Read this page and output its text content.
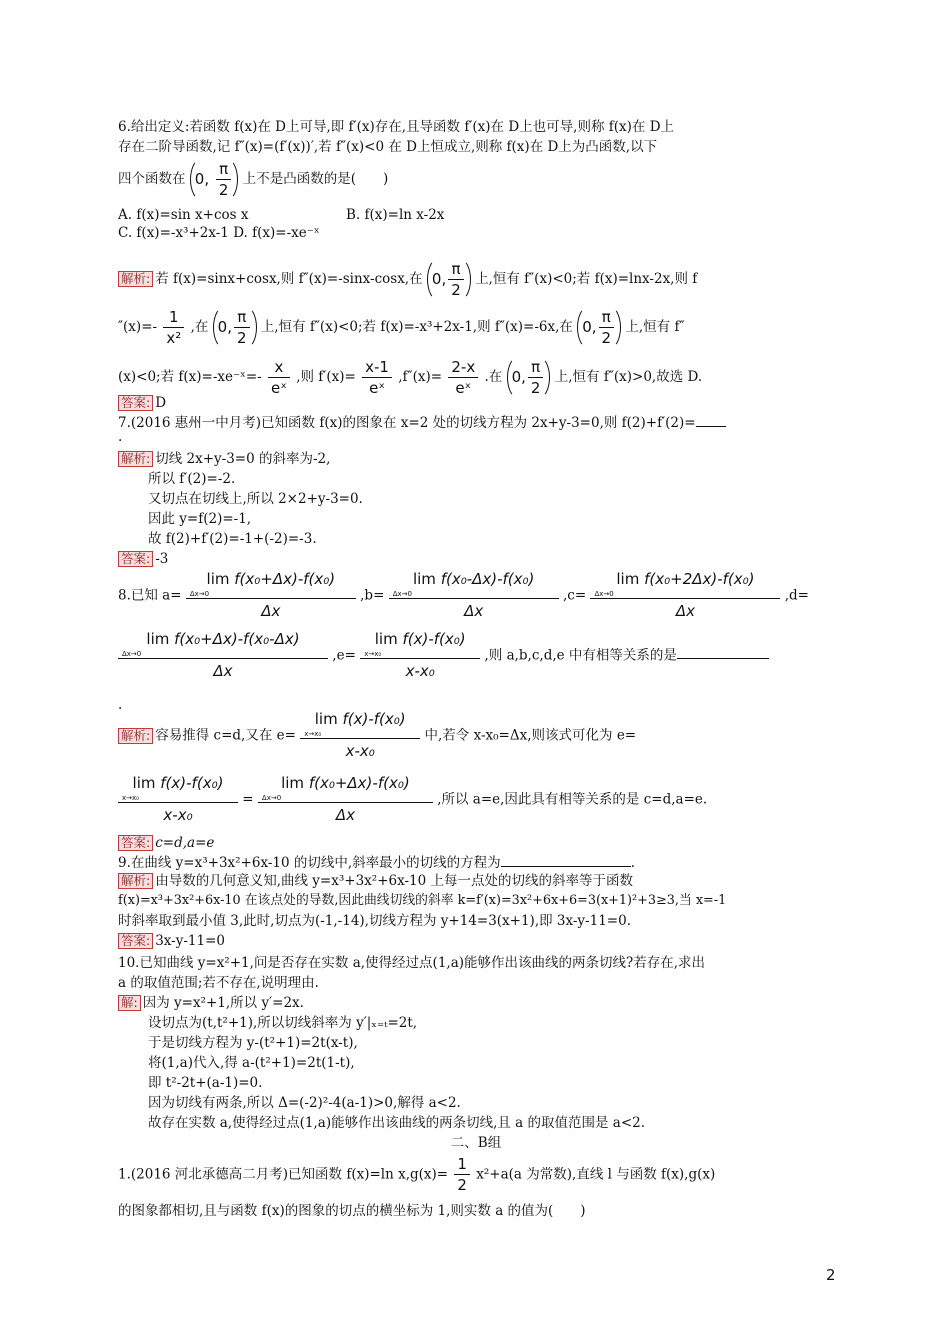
6.给出定义:若函数 f(x)在 D上可导,即 f′(x)存在,且导函数 f′(x)在 D上也可导,则称 f(x)在 D上
存在二阶导函数,记 f″(x)=(f′(x))′,若 f″(x)<0 在 D上恒成立,则称 f(x)在 D上为凸函数,以下
四个函数在 0, $\frac{\pi}{2}$ 上不是凸函数的是(　　)
A. f(x)=sin x+cos x	B. f(x)=ln x-2x
C. f(x)=-x³+2x-1 D. f(x)=-xe⁻ˣ
解析: 若 f(x)=sinx+cosx,则 f″(x)=-sinx-cosx,在 0, $\frac{\pi}{2}$ 上,恒有 f″(x)<0;若 f(x)=lnx-2x,则 f
$''(x)=- \frac{1}{\text{x²}}$ ,在 0, $\frac{\pi}{2}$ 上,恒有 f″(x)<0;若 f(x)=-x³+2x-1,则 f″(x)=-6x,在 0, $\frac{\pi}{2}$ 上,恒有 f″
(x)<0;若 f(x)=-xe⁻ˣ=- $\frac{x}{\text{eˣ}}$ ,则 $f'(x)= \frac{x-1}{\text{eˣ}} ,f''(x)= \frac{2-x}{\text{eˣ}}$ .在 0, $\frac{\pi}{2}$ 上,恒有 f″(x)>0,故选 D.
答案: D
7.(2016 惠州一中月考)已知函数 f(x)的图象在 x=2 处的切线方程为 2x+y-3=0,则 f(2)+f′(2)=
.
解析: 切线 2x+y-3=0 的斜率为-2,
所以 f′(2)=-2.
又切点在切线上,所以 2×2+y-3=0.
因此 y=f(2)=-1,
故 f(2)+f′(2)=-1+(-2)=-3.
答案: -3
8.已知 a=
lim f(x₀+Δx)-f(x₀)
Δx→0
Δx
,b=
lim f(x₀-Δx)-f(x₀)
Δx→0
Δx
,c=
lim f(x₀+2Δx)-f(x₀)
Δx→0
Δx
,d=
lim f(x₀+Δx)-f(x₀-Δx)
Δx→0
Δx
,e=
lim f(x)-f(x₀)
x→x₀
x-x₀
,则 a,b,c,d,e 中有相等关系的是
.
解析: 容易推得 c=d,又在 e=
lim f(x)-f(x₀)
x→x₀
x-x₀
中,若令 x-x₀=Δx,则该式可化为 e=
lim f(x)-f(x₀)
x→x₀
x-x₀
=
lim f(x₀+Δx)-f(x₀)
Δx→0
Δx
,所以 a=e,因此具有相等关系的是 c=d,a=e.
答案: c=d,a=e
9.在曲线 y=x³+3x²+6x-10 的切线中,斜率最小的切线的方程为	.
解析: 由导数的几何意义知,曲线 y=x³+3x²+6x-10 上每一点处的切线的斜率等于函数
f(x)=x³+3x²+6x-10 在该点处的导数,因此曲线切线的斜率 k=f′(x)=3x²+6x+6=3(x+1)²+3≥3,当 x=-1
时斜率取到最小值 3,此时,切点为(-1,-14),切线方程为 y+14=3(x+1),即 3x-y-11=0.
答案: 3x-y-11=0
10.已知曲线 y=x²+1,问是否存在实数 a,使得经过点(1,a)能够作出该曲线的两条切线?若存在,求出
a 的取值范围;若不存在,说明理由.
解: 因为 y=x²+1,所以 y′=2x.
设切点为(t,t²+1),所以切线斜率为 y′|ₓ₌ₜ=2t,
于是切线方程为 y-(t²+1)=2t(x-t),
将(1,a)代入,得 a-(t²+1)=2t(1-t),
即 t²-2t+(a-1)=0.
因为切线有两条,所以 Δ=(-2)²-4(a-1)>0,解得 a<2.
故存在实数 a,使得经过点(1,a)能够作出该曲线的两条切线,且 a 的取值范围是 a<2.
二、B组
1.(2016 河北承德高二月考)已知函数 f(x)=ln $x,g(x)= \frac{1}{2} x^2+a(a$ 为常数),直线 l 与函数 f(x),g(x)
的图象都相切,且与函数 f(x)的图象的切点的横坐标为 1,则实数 a 的值为(　　)
2
